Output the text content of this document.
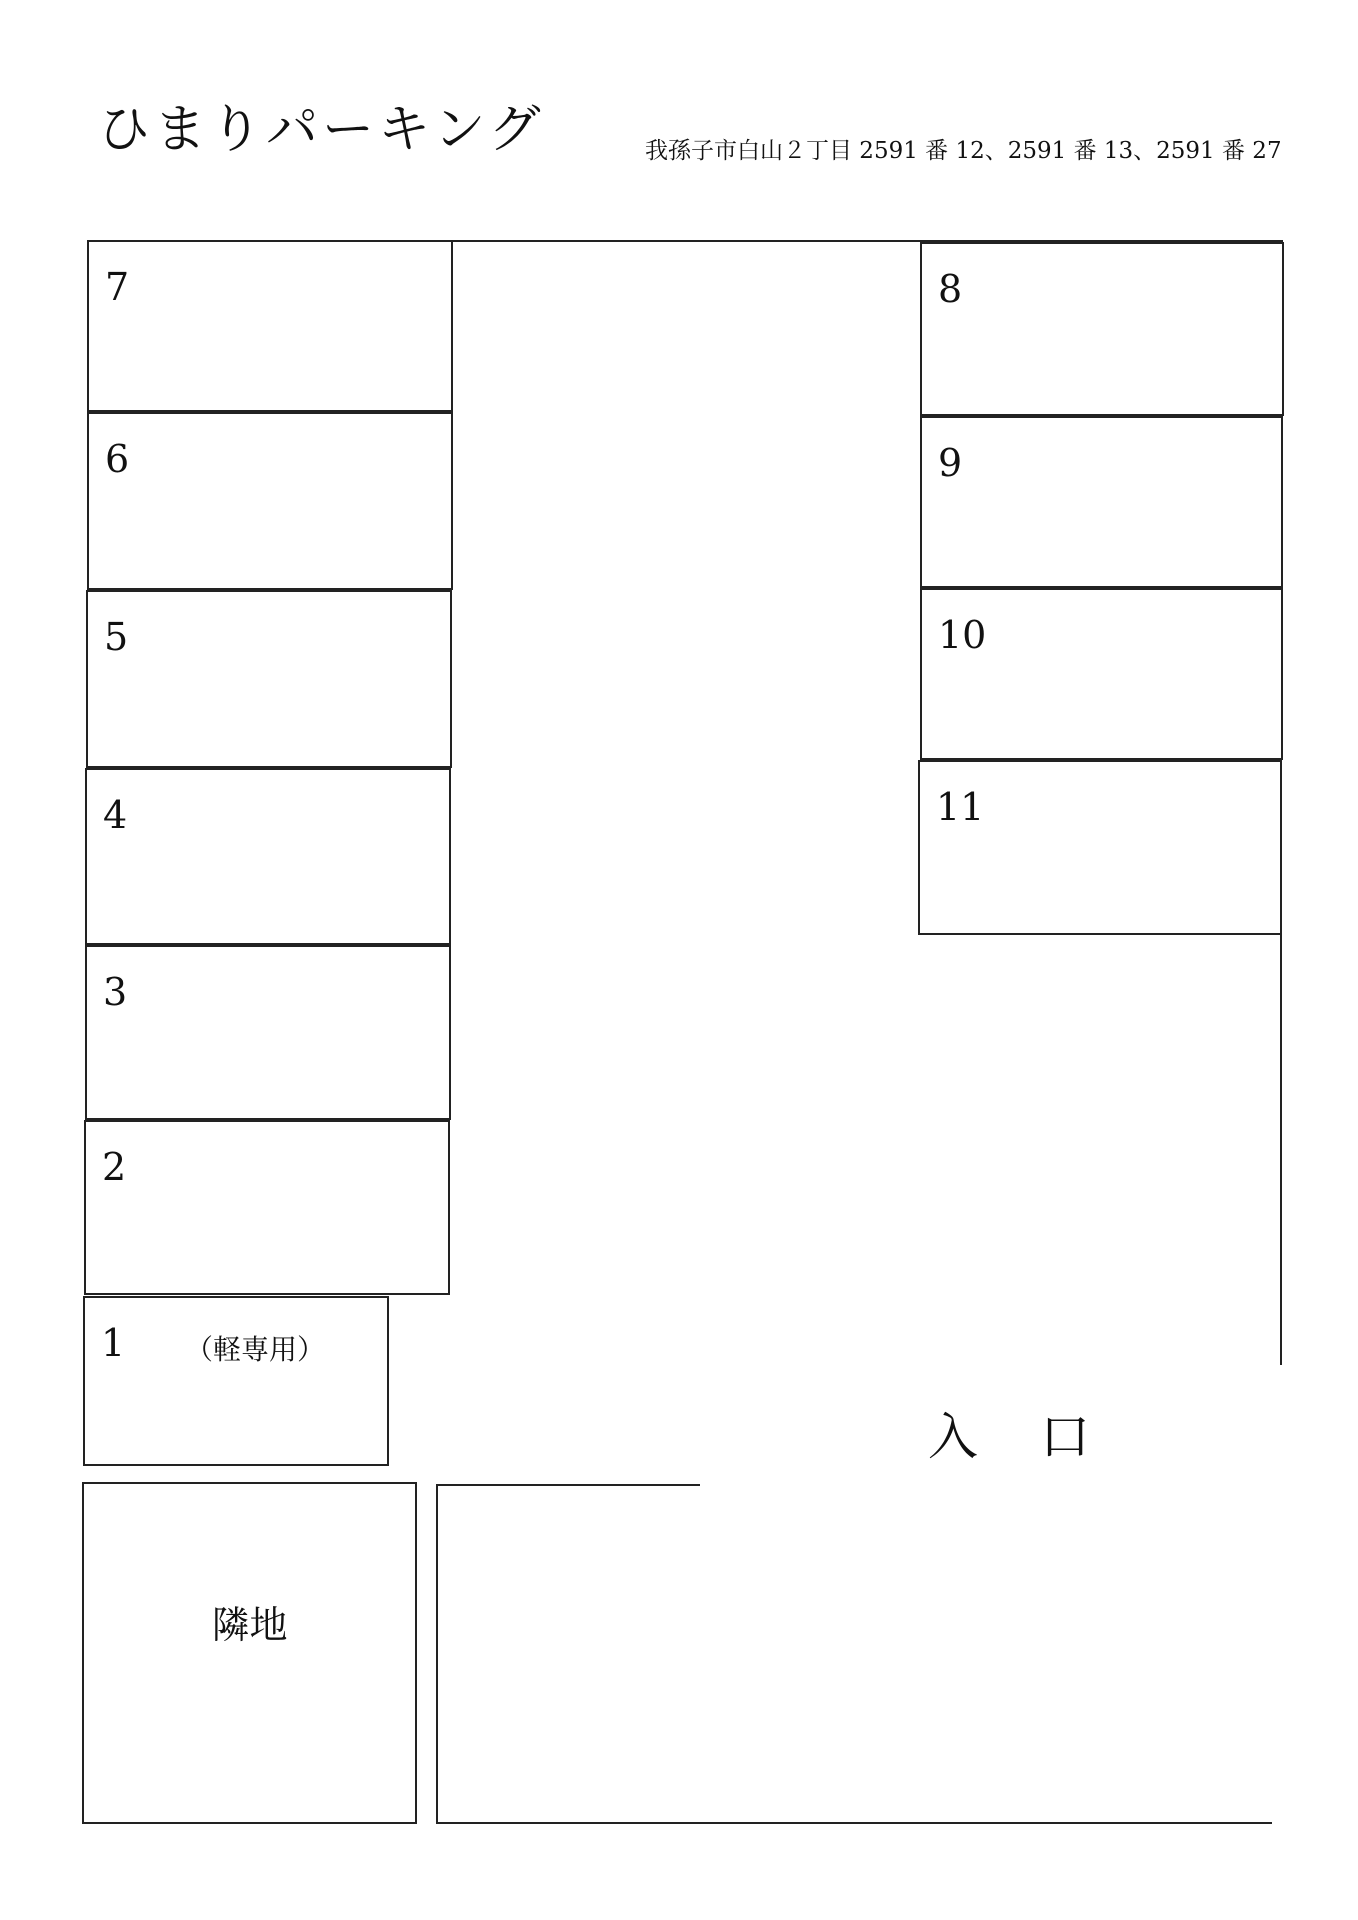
ひまりパーキング	我孫子市白山２丁目 2591 番 12、2591 番 13、2591 番 27
7
6
5
4
3
2
1 （軽専用）
8
9
10
11
隣地
入口
